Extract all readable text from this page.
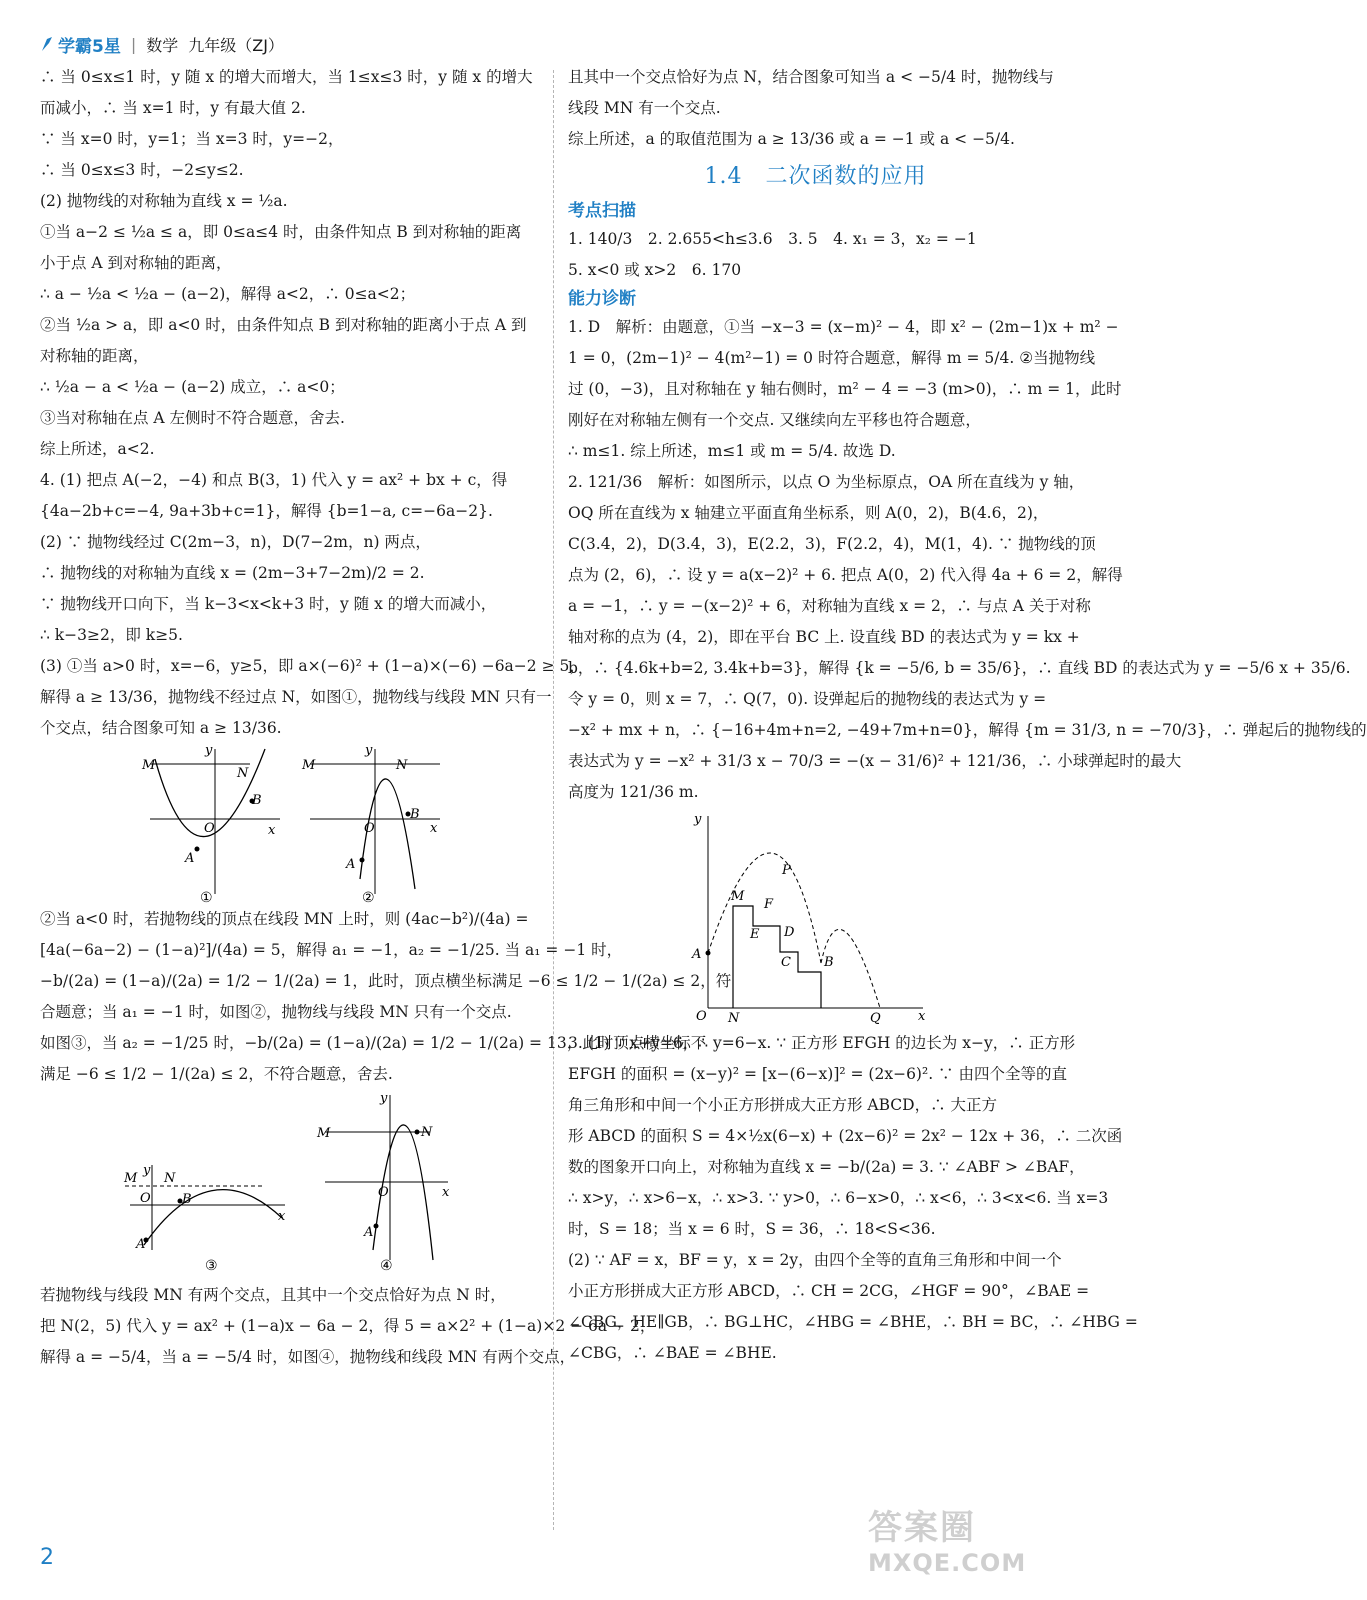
学霸5星 | 数学 九年级（ZJ）

∴ 当 0≤x≤1 时，y 随 x 的增大而增大，当 1≤x≤3 时，y 随 x 的增大

而减小，∴ 当 x=1 时，y 有最大值 2.

∵ 当 x=0 时，y=1；当 x=3 时，y=−2，

∴ 当 0≤x≤3 时，−2≤y≤2.

(2) 抛物线的对称轴为直线 x = ½a.

①当 a−2 ≤ ½a ≤ a，即 0≤a≤4 时，由条件知点 B 到对称轴的距离

小于点 A 到对称轴的距离，

∴ a − ½a < ½a − (a−2)，解得 a<2，∴ 0≤a<2；

②当 ½a > a，即 a<0 时，由条件知点 B 到对称轴的距离小于点 A 到

对称轴的距离，

∴ ½a − a < ½a − (a−2) 成立，∴ a<0；

③当对称轴在点 A 左侧时不符合题意，舍去.

综上所述，a<2.

4. (1) 把点 A(−2，−4) 和点 B(3，1) 代入 y = ax² + bx + c，得

{4a−2b+c=−4, 9a+3b+c=1}，解得 {b=1−a, c=−6a−2}.

(2) ∵ 抛物线经过 C(2m−3，n)，D(7−2m，n) 两点，

∴ 抛物线的对称轴为直线 x = (2m−3+7−2m)/2 = 2.

∵ 抛物线开口向下，当 k−3<x<k+3 时，y 随 x 的增大而减小，

∴ k−3≥2，即 k≥5.

(3) ①当 a>0 时，x=−6，y≥5，即 a×(−6)² + (1−a)×(−6) −6a−2 ≥ 5，

解得 a ≥ 13/36，抛物线不经过点 N，如图①，抛物线与线段 MN 只有一

个交点，结合图象可知 a ≥ 13/36.

M
N
A
B
O	x
y
M	N
A
B
O	x
y
①	②

②当 a<0 时，若抛物线的顶点在线段 MN 上时，则 (4ac−b²)/(4a) =

[4a(−6a−2) − (1−a)²]/(4a) = 5，解得 a₁ = −1，a₂ = −1/25. 当 a₁ = −1 时，

−b/(2a) = (1−a)/(2a) = 1/2 − 1/(2a) = 1，此时，顶点横坐标满足 −6 ≤ 1/2 − 1/(2a) ≤ 2，符

合题意；当 a₁ = −1 时，如图②，抛物线与线段 MN 只有一个交点.

如图③，当 a₂ = −1/25 时，−b/(2a) = (1−a)/(2a) = 1/2 − 1/(2a) = 13，此时顶点横坐标不

满足 −6 ≤ 1/2 − 1/(2a) ≤ 2，不符合题意，舍去.

M N
A
B
O
x
y
M	N
A
O	x
y
③	④

若抛物线与线段 MN 有两个交点，且其中一个交点恰好为点 N 时，

把 N(2，5) 代入 y = ax² + (1−a)x − 6a − 2，得 5 = a×2² + (1−a)×2 − 6a − 2，

解得 a = −5/4，当 a = −5/4 时，如图④，抛物线和线段 MN 有两个交点，

且其中一个交点恰好为点 N，结合图象可知当 a < −5/4 时，抛物线与

线段 MN 有一个交点.

综上所述，a 的取值范围为 a ≥ 13/36 或 a = −1 或 a < −5/4.

1.4　二次函数的应用
考点扫描

1. 140/3　2. 2.655<h≤3.6　3. 5　4. x₁ = 3，x₂ = −1

5. x<0 或 x>2　6. 170

能力诊断

1. D　解析：由题意，①当 −x−3 = (x−m)² − 4，即 x² − (2m−1)x + m² −

1 = 0，(2m−1)² − 4(m²−1) = 0 时符合题意，解得 m = 5/4. ②当抛物线

过 (0，−3)，且对称轴在 y 轴右侧时，m² − 4 = −3 (m>0)，∴ m = 1，此时

刚好在对称轴左侧有一个交点. 又继续向左平移也符合题意，

∴ m≤1. 综上所述，m≤1 或 m = 5/4. 故选 D.

2. 121/36　解析：如图所示，以点 O 为坐标原点，OA 所在直线为 y 轴，

OQ 所在直线为 x 轴建立平面直角坐标系，则 A(0，2)，B(4.6，2)，

C(3.4，2)，D(3.4，3)，E(2.2，3)，F(2.2，4)，M(1，4). ∵ 抛物线的顶

点为 (2，6)，∴ 设 y = a(x−2)² + 6. 把点 A(0，2) 代入得 4a + 6 = 2，解得

a = −1，∴ y = −(x−2)² + 6，对称轴为直线 x = 2，∴ 与点 A 关于对称

轴对称的点为 (4，2)，即在平台 BC 上. 设直线 BD 的表达式为 y = kx +

b，∴ {4.6k+b=2, 3.4k+b=3}，解得 {k = −5/6, b = 35/6}，∴ 直线 BD 的表达式为 y = −5/6 x + 35/6.

令 y = 0，则 x = 7，∴ Q(7，0). 设弹起后的抛物线的表达式为 y =

−x² + mx + n，∴ {−16+4m+n=2, −49+7m+n=0}，解得 {m = 31/3, n = −70/3}，∴ 弹起后的抛物线的

表达式为 y = −x² + 31/3 x − 70/3 = −(x − 31/6)² + 121/36，∴ 小球弹起时的最大

高度为 121/36 m.

y
A
O N	Q	x
M
F
E D
C	B
P

3. (1) ∵ x+y=6，∴ y=6−x. ∵ 正方形 EFGH 的边长为 x−y，∴ 正方形

EFGH 的面积 = (x−y)² = [x−(6−x)]² = (2x−6)². ∵ 由四个全等的直

角三角形和中间一个小正方形拼成大正方形 ABCD，∴ 大正方

形 ABCD 的面积 S = 4×½x(6−x) + (2x−6)² = 2x² − 12x + 36，∴ 二次函

数的图象开口向上，对称轴为直线 x = −b/(2a) = 3. ∵ ∠ABF > ∠BAF，

∴ x>y，∴ x>6−x，∴ x>3. ∵ y>0，∴ 6−x>0，∴ x<6，∴ 3<x<6. 当 x=3

时，S = 18；当 x = 6 时，S = 36，∴ 18<S<36.

(2) ∵ AF = x，BF = y，x = 2y，由四个全等的直角三角形和中间一个

小正方形拼成大正方形 ABCD，∴ CH = 2CG，∠HGF = 90°，∠BAE =

∠CBG，HE∥GB，∴ BG⊥HC，∠HBG = ∠BHE，∴ BH = BC，∴ ∠HBG =

∠CBG，∴ ∠BAE = ∠BHE.

2
答案圈
MXQE.COM
